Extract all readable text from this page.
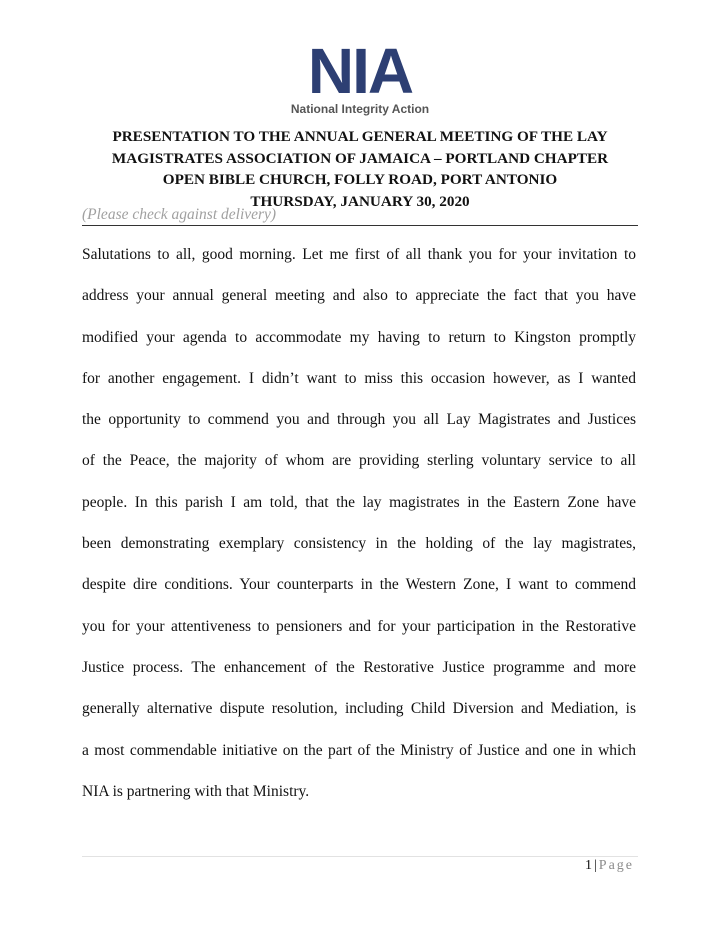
NIA
National Integrity Action
PRESENTATION TO THE ANNUAL GENERAL MEETING OF THE LAY
MAGISTRATES ASSOCIATION OF JAMAICA – PORTLAND CHAPTER
OPEN BIBLE CHURCH, FOLLY ROAD, PORT ANTONIO
THURSDAY, JANUARY 30, 2020
(Please check against delivery)
Salutations to all, good morning. Let me first of all thank you for your invitation to
address your annual general meeting and also to appreciate the fact that you have
modified your agenda to accommodate my having to return to Kingston promptly
for another engagement. I didn’t want to miss this occasion however, as I wanted
the opportunity to commend you and through you all Lay Magistrates and Justices
of the Peace, the majority of whom are providing sterling voluntary service to all
people. In this parish I am told, that the lay magistrates in the Eastern Zone have
been demonstrating exemplary consistency in the holding of the lay magistrates,
despite dire conditions. Your counterparts in the Western Zone, I want to commend
you for your attentiveness to pensioners and for your participation in the Restorative
Justice process. The enhancement of the Restorative Justice programme and more
generally alternative dispute resolution, including Child Diversion and Mediation, is
a most commendable initiative on the part of the Ministry of Justice and one in which
NIA is partnering with that Ministry.
1 | Page
